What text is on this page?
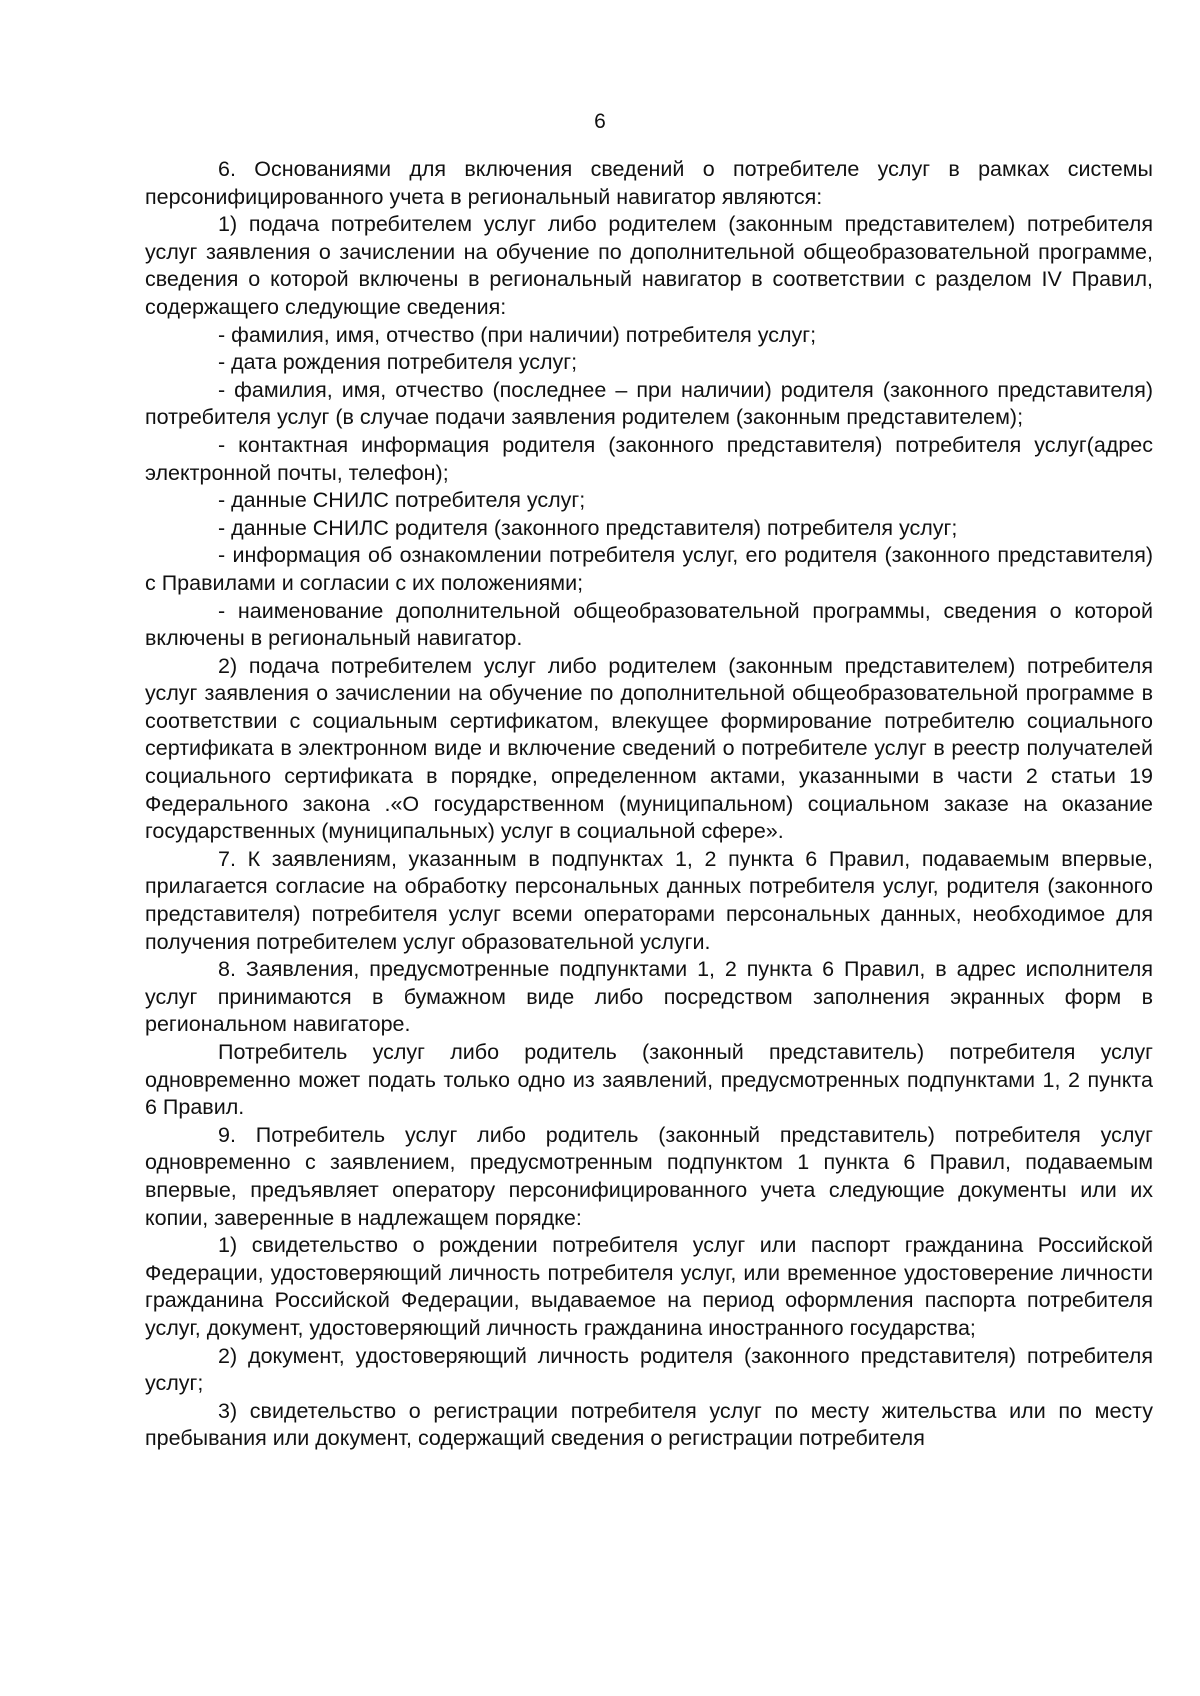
6

6. Основаниями для включения сведений о потребителе услуг в рамках системы персонифицированного учета в региональный навигатор являются:

1) подача потребителем услуг либо родителем (законным представителем) потребителя услуг заявления о зачислении на обучение по дополнительной общеобразовательной программе, сведения о которой включены в региональный навигатор в соответствии с разделом IV Правил, содержащего следующие сведения:

- фамилия, имя, отчество (при наличии) потребителя услуг;

- дата рождения потребителя услуг;

- фамилия, имя, отчество (последнее – при наличии) родителя (законного представителя) потребителя услуг (в случае подачи заявления родителем (законным представителем);

- контактная информация родителя (законного представителя) потребителя услуг(адрес электронной почты, телефон);

- данные СНИЛС потребителя услуг;

- данные СНИЛС родителя (законного представителя) потребителя услуг;

- информация об ознакомлении потребителя услуг, его родителя (законного представителя) с Правилами и согласии с их положениями;

- наименование дополнительной общеобразовательной программы, сведения о которой включены в региональный навигатор.

2) подача потребителем услуг либо родителем (законным представителем) потребителя услуг заявления о зачислении на обучение по дополнительной общеобразовательной программе в соответствии с социальным сертификатом, влекущее формирование потребителю социального сертификата в электронном виде и включение сведений о потребителе услуг в реестр получателей социального сертификата в порядке, определенном актами, указанными в части 2 статьи 19 Федерального закона .«О государственном (муниципальном) социальном заказе на оказание государственных (муниципальных) услуг в социальной сфере».

7. К заявлениям, указанным в подпунктах 1, 2 пункта 6 Правил, подаваемым впервые, прилагается согласие на обработку персональных данных потребителя услуг, родителя (законного представителя) потребителя услуг всеми операторами персональных данных, необходимое для получения потребителем услуг образовательной услуги.

8. Заявления, предусмотренные подпунктами 1, 2 пункта 6 Правил, в адрес исполнителя услуг принимаются в бумажном виде либо посредством заполнения экранных форм в региональном навигаторе.

Потребитель услуг либо родитель (законный представитель) потребителя услуг одновременно может подать только одно из заявлений, предусмотренных подпунктами 1, 2 пункта 6 Правил.

9. Потребитель услуг либо родитель (законный представитель) потребителя услуг одновременно с заявлением, предусмотренным подпунктом 1 пункта 6 Правил, подаваемым впервые, предъявляет оператору персонифицированного учета следующие документы или их копии, заверенные в надлежащем порядке:

1) свидетельство о рождении потребителя услуг или паспорт гражданина Российской Федерации, удостоверяющий личность потребителя услуг, или временное удостоверение личности гражданина Российской Федерации, выдаваемое на период оформления паспорта потребителя услуг, документ, удостоверяющий личность гражданина иностранного государства;

2) документ, удостоверяющий личность родителя (законного представителя) потребителя услуг;

3) свидетельство о регистрации потребителя услуг по месту жительства или по месту пребывания или документ, содержащий сведения о регистрации потребителя
